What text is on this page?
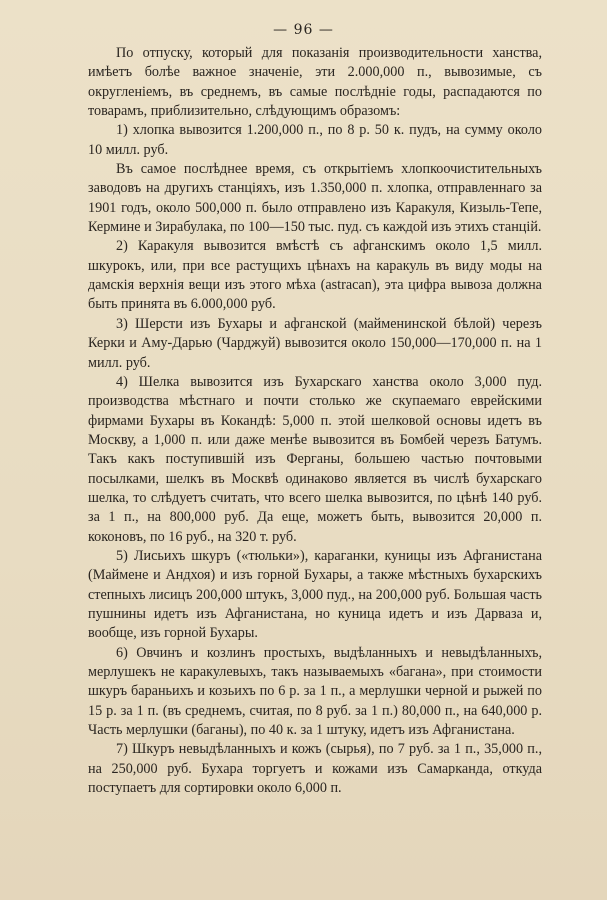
— 96 —

По отпуску, который для показанія производительности ханства, имѣетъ болѣе важное значеніе, эти 2.000,000 п., вывозимые, съ округленіемъ, въ среднемъ, въ самые послѣдніе годы, распадаются по товарамъ, приблизительно, слѣдующимъ образомъ:

1) хлопка вывозится 1.200,000 п., по 8 р. 50 к. пудъ, на сумму около 10 милл. руб.

Въ самое послѣднее время, съ открытіемъ хлопкоочистительныхъ заводовъ на другихъ станціяхъ, изъ 1.350,000 п. хлопка, отправленнаго за 1901 годъ, около 500,000 п. было отправлено изъ Каракуля, Кизыль-Тепе, Кермине и Зирабулака, по 100—150 тыс. пуд. съ каждой изъ этихъ станцій.

2) Каракуля вывозится вмѣстѣ съ афганскимъ около 1,5 милл. шкурокъ, или, при все растущихъ цѣнахъ на каракуль въ виду моды на дамскія верхнія вещи изъ этого мѣха (astracan), эта цифра вывоза должна быть принята въ 6.000,000 руб.

3) Шерсти изъ Бухары и афганской (майменинской бѣлой) черезъ Керки и Аму-Дарью (Чарджуй) вывозится около 150,000—170,000 п. на 1 милл. руб.

4) Шелка вывозится изъ Бухарскаго ханства около 3,000 пуд. производства мѣстнаго и почти столько же скупаемаго еврейскими фирмами Бухары въ Кокандѣ: 5,000 п. этой шелковой основы идетъ въ Москву, а 1,000 п. или даже менѣе вывозится въ Бомбей черезъ Батумъ. Такъ какъ поступившій изъ Ферганы, большею частью почтовыми посылками, шелкъ въ Москвѣ одинаково является въ числѣ бухарскаго шелка, то слѣдуетъ считать, что всего шелка вывозится, по цѣнѣ 140 руб. за 1 п., на 800,000 руб. Да еще, можетъ быть, вывозится 20,000 п. коконовъ, по 16 руб., на 320 т. руб.

5) Лисьихъ шкуръ («тюльки»), караганки, куницы изъ Афганистана (Маймене и Андхоя) и изъ горной Бухары, а также мѣстныхъ бухарскихъ степныхъ лисицъ 200,000 штукъ, 3,000 пуд., на 200,000 руб. Большая часть пушнины идетъ изъ Афганистана, но куница идетъ и изъ Дарваза и, вообще, изъ горной Бухары.

6) Овчинъ и козлинъ простыхъ, выдѣланныхъ и невыдѣланныхъ, мерлушекъ не каракулевыхъ, такъ называемыхъ «багана», при стоимости шкуръ бараньихъ и козьихъ по 6 р. за 1 п., а мерлушки черной и рыжей по 15 р. за 1 п. (въ среднемъ, считая, по 8 руб. за 1 п.) 80,000 п., на 640,000 р. Часть мерлушки (баганы), по 40 к. за 1 штуку, идетъ изъ Афганистана.

7) Шкуръ невыдѣланныхъ и кожъ (сырья), по 7 руб. за 1 п., 35,000 п., на 250,000 руб. Бухара торгуетъ и кожами изъ Самарканда, откуда поступаетъ для сортировки около 6,000 п.
